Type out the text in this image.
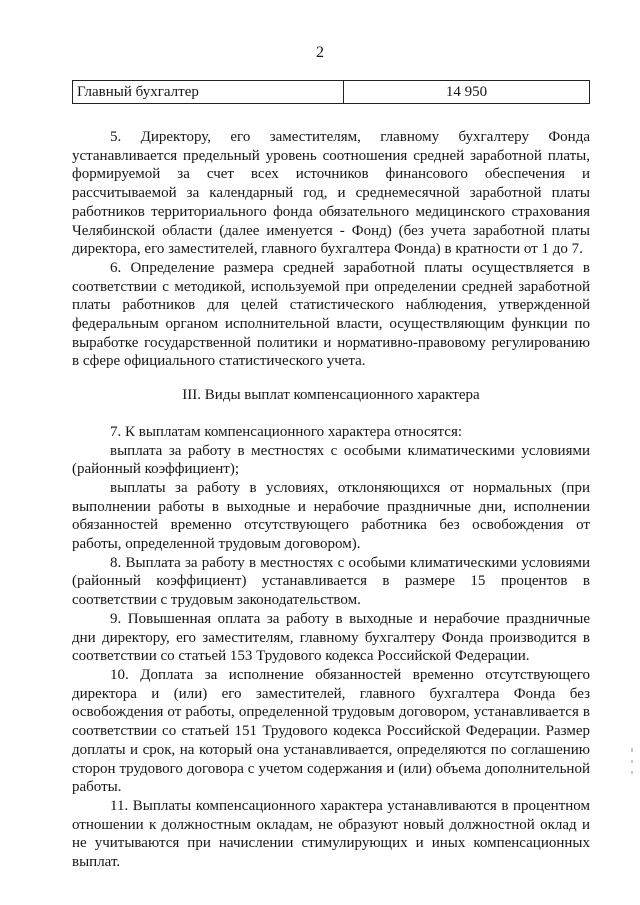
2
Главный бухгалтер	14 950

5. Директору, его заместителям, главному бухгалтеру Фонда устанавливается предельный уровень соотношения средней заработной платы, формируемой за счет всех источников финансового обеспечения и рассчитываемой за календарный год, и среднемесячной заработной платы работников территориального фонда обязательного медицинского страхования Челябинской области (далее именуется - Фонд) (без учета заработной платы директора, его заместителей, главного бухгалтера Фонда) в кратности от 1 до 7.

6. Определение размера средней заработной платы осуществляется в соответствии с методикой, используемой при определении средней заработной платы работников для целей статистического наблюдения, утвержденной федеральным органом исполнительной власти, осуществляющим функции по выработке государственной политики и нормативно-правовому регулированию в сфере официального статистического учета.

III. Виды выплат компенсационного характера

7. К выплатам компенсационного характера относятся:

выплата за работу в местностях с особыми климатическими условиями (районный коэффициент);

выплаты за работу в условиях, отклоняющихся от нормальных (при выполнении работы в выходные и нерабочие праздничные дни, исполнении обязанностей временно отсутствующего работника без освобождения от работы, определенной трудовым договором).

8. Выплата за работу в местностях с особыми климатическими условиями (районный коэффициент) устанавливается в размере 15 процентов в соответствии с трудовым законодательством.

9. Повышенная оплата за работу в выходные и нерабочие праздничные дни директору, его заместителям, главному бухгалтеру Фонда производится в соответствии со статьей 153 Трудового кодекса Российской Федерации.

10. Доплата за исполнение обязанностей временно отсутствующего директора и (или) его заместителей, главного бухгалтера Фонда без освобождения от работы, определенной трудовым договором, устанавливается в соответствии со статьей 151 Трудового кодекса Российской Федерации. Размер доплаты и срок, на который она устанавливается, определяются по соглашению сторон трудового договора с учетом содержания и (или) объема дополнительной работы.

11. Выплаты компенсационного характера устанавливаются в процентном отношении к должностным окладам, не образуют новый должностной оклад и не учитываются при начислении стимулирующих и иных компенсационных выплат.
